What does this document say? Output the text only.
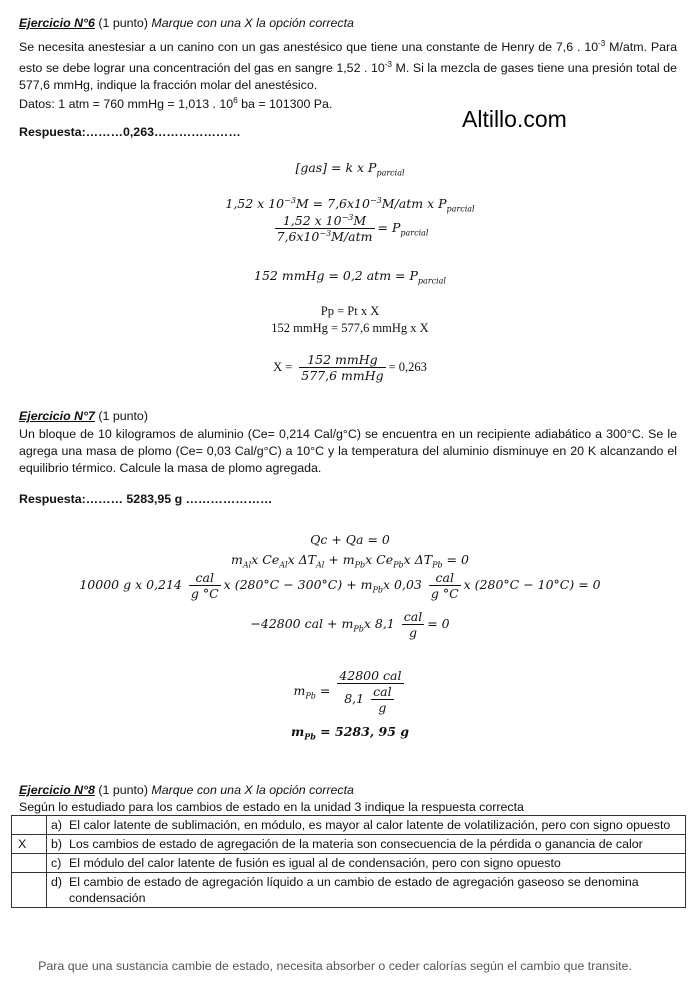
Altillo.com
Ejercicio N°6 (1 punto) Marque con una X la opción correcta
Se necesita anestesiar a un canino con un gas anestésico que tiene una constante de Henry de 7,6 . $10^{-3}$ M/atm. Para esto se debe lograr una concentración del gas en sangre 1,52 . $10^{-3}$ M. Si la mezcla de gases tiene una presión total de 577,6 mmHg, indique la fracción molar del anestésico.
Datos: 1 atm = 760 mmHg = 1,013 . $10^6$ ba = 101300 Pa.
Respuesta:………0,263…………………
[gas] = k x $P_{parcial}$
1,52 x $10^{-3}M = 7,6x10^{-3}M/atm$ x $P_{parcial}$
$\frac{1,52 x 10^{-3}M}{7,6x10^{-3}M/atm} = P_{parcial}$
152 mmHg = 0,2 atm = $P_{parcial}$
Pp = Pt x X
152 mmHg = 577,6 mmHg x X
$X = \frac{\text{152 mmHg}}{\text{577,6 mmHg}} = 0,263$
Ejercicio N°7 (1 punto)
Un bloque de 10 kilogramos de aluminio (Ce= 0,214 Cal/g°C) se encuentra en un recipiente adiabático a 300°C. Se le agrega una masa de plomo (Ce= 0,03 Cal/g°C) a 10°C y la temperatura del aluminio disminuye en 20 K alcanzando el equilibrio térmico. Calcule la masa de plomo agregada.
Respuesta:……… 5283,95 g …………………
Qc + Qa = 0
$m_{Al}x$ $Ce_{Al}x$ $\Delta T_{Al} + m_{Pb}x$ $Ce_{Pb}x$ $\Delta T_{Pb} = 0$
10000 g x $0,214 \frac{\text{cal}}{g ^\circ C}$ x $(280^\circ C - 300^\circ C) + m_{Pb}x$ $0,03 \frac{\text{cal}}{g ^\circ C}$ x (280°C − 10°C) = 0
−42800 cal + $m_{Pb}x$ $8,1 \frac{\text{cal}}{g} = 0$
$m_{Pb} = \frac{\text{42800 cal}}{8,1 \frac{\text{cal}}{g}}$
$m_{Pb} = 5283$, 95 g
Ejercicio N°8 (1 punto) Marque con una X la opción correcta
Según lo estudiado para los cambios de estado en la unidad 3 indique la respuesta correcta
	a)	El calor latente de sublimación, en módulo, es mayor al calor latente de volatilización, pero con signo opuesto
X	b)	Los cambios de estado de agregación de la materia son consecuencia de la pérdida o ganancia de calor
	c)	El módulo del calor latente de fusión es igual al de condensación, pero con signo opuesto
	d)	El cambio de estado de agregación líquido a un cambio de estado de agregación gaseoso se denomina condensación
Para que una sustancia cambie de estado, necesita absorber o ceder calorías según el cambio que transite.
